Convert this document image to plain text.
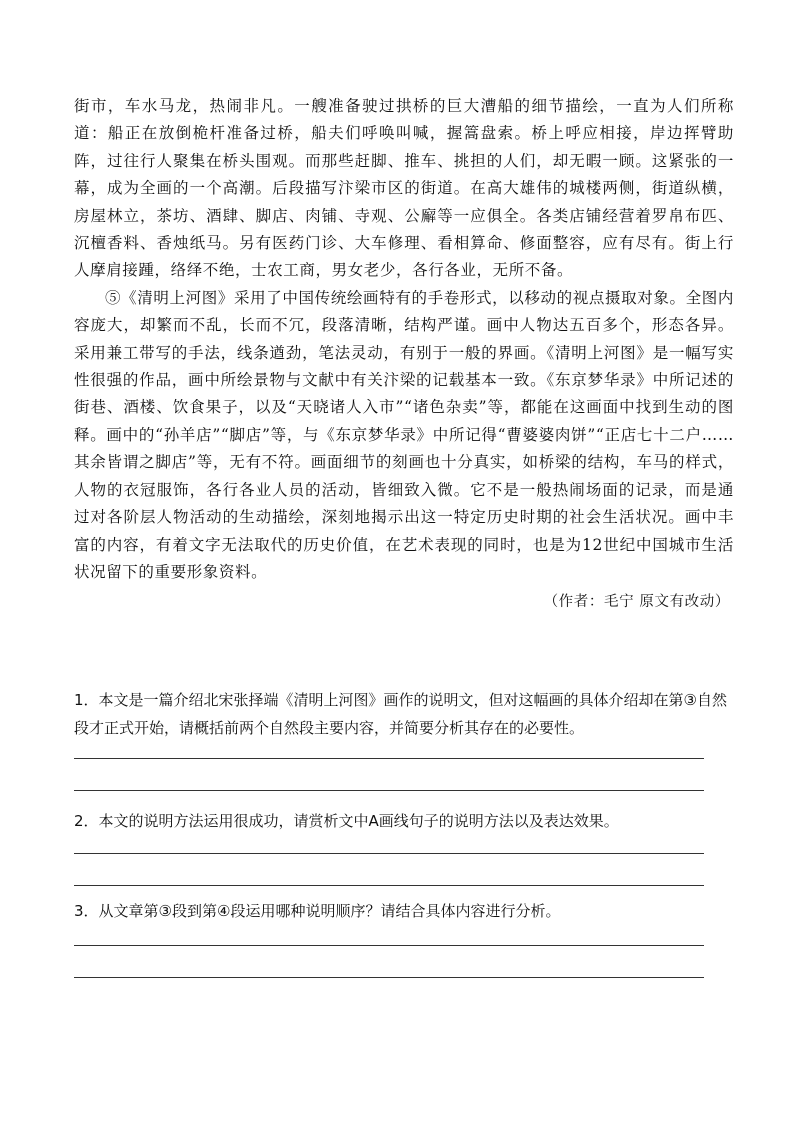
街市，车水马龙，热闹非凡。一艘准备驶过拱桥的巨大漕船的细节描绘，一直为人们所称道：船正在放倒桅杆准备过桥，船夫们呼唤叫喊，握篙盘索。桥上呼应相接，岸边挥臂助阵，过往行人聚集在桥头围观。而那些赶脚、推车、挑担的人们，却无暇一顾。这紧张的一幕，成为全画的一个高潮。后段描写汴梁市区的街道。在高大雄伟的城楼两侧，街道纵横，房屋林立，茶坊、酒肆、脚店、肉铺、寺观、公廨等一应俱全。各类店铺经营着罗帛布匹、沉檀香料、香烛纸马。另有医药门诊、大车修理、看相算命、修面整容，应有尽有。街上行人摩肩接踵，络绎不绝，士农工商，男女老少，各行各业，无所不备。

⑤《清明上河图》采用了中国传统绘画特有的手卷形式，以移动的视点摄取对象。全图内容庞大，却繁而不乱，长而不冗，段落清晰，结构严谨。画中人物达五百多个，形态各异。采用兼工带写的手法，线条遒劲，笔法灵动，有别于一般的界画。《清明上河图》是一幅写实性很强的作品，画中所绘景物与文献中有关汴梁的记载基本一致。《东京梦华录》中所记述的街巷、酒楼、饮食果子，以及“天晓诸人入市”“诸色杂卖”等，都能在这画面中找到生动的图释。画中的“孙羊店”“脚店”等，与《东京梦华录》中所记得“曹婆婆肉饼”“正店七十二户……其余皆谓之脚店”等，无有不符。画面细节的刻画也十分真实，如桥梁的结构，车马的样式，人物的衣冠服饰，各行各业人员的活动，皆细致入微。它不是一般热闹场面的记录，而是通过对各阶层人物活动的生动描绘，深刻地揭示出这一特定历史时期的社会生活状况。画中丰富的内容，有着文字无法取代的历史价值，在艺术表现的同时，也是为12世纪中国城市生活状况留下的重要形象资料。

（作者：毛宁 原文有改动）

1．本文是一篇介绍北宋张择端《清明上河图》画作的说明文，但对这幅画的具体介绍却在第③自然段才正式开始，请概括前两个自然段主要内容，并简要分析其存在的必要性。

2．本文的说明方法运用很成功，请赏析文中A画线句子的说明方法以及表达效果。

3．从文章第③段到第④段运用哪种说明顺序？请结合具体内容进行分析。
